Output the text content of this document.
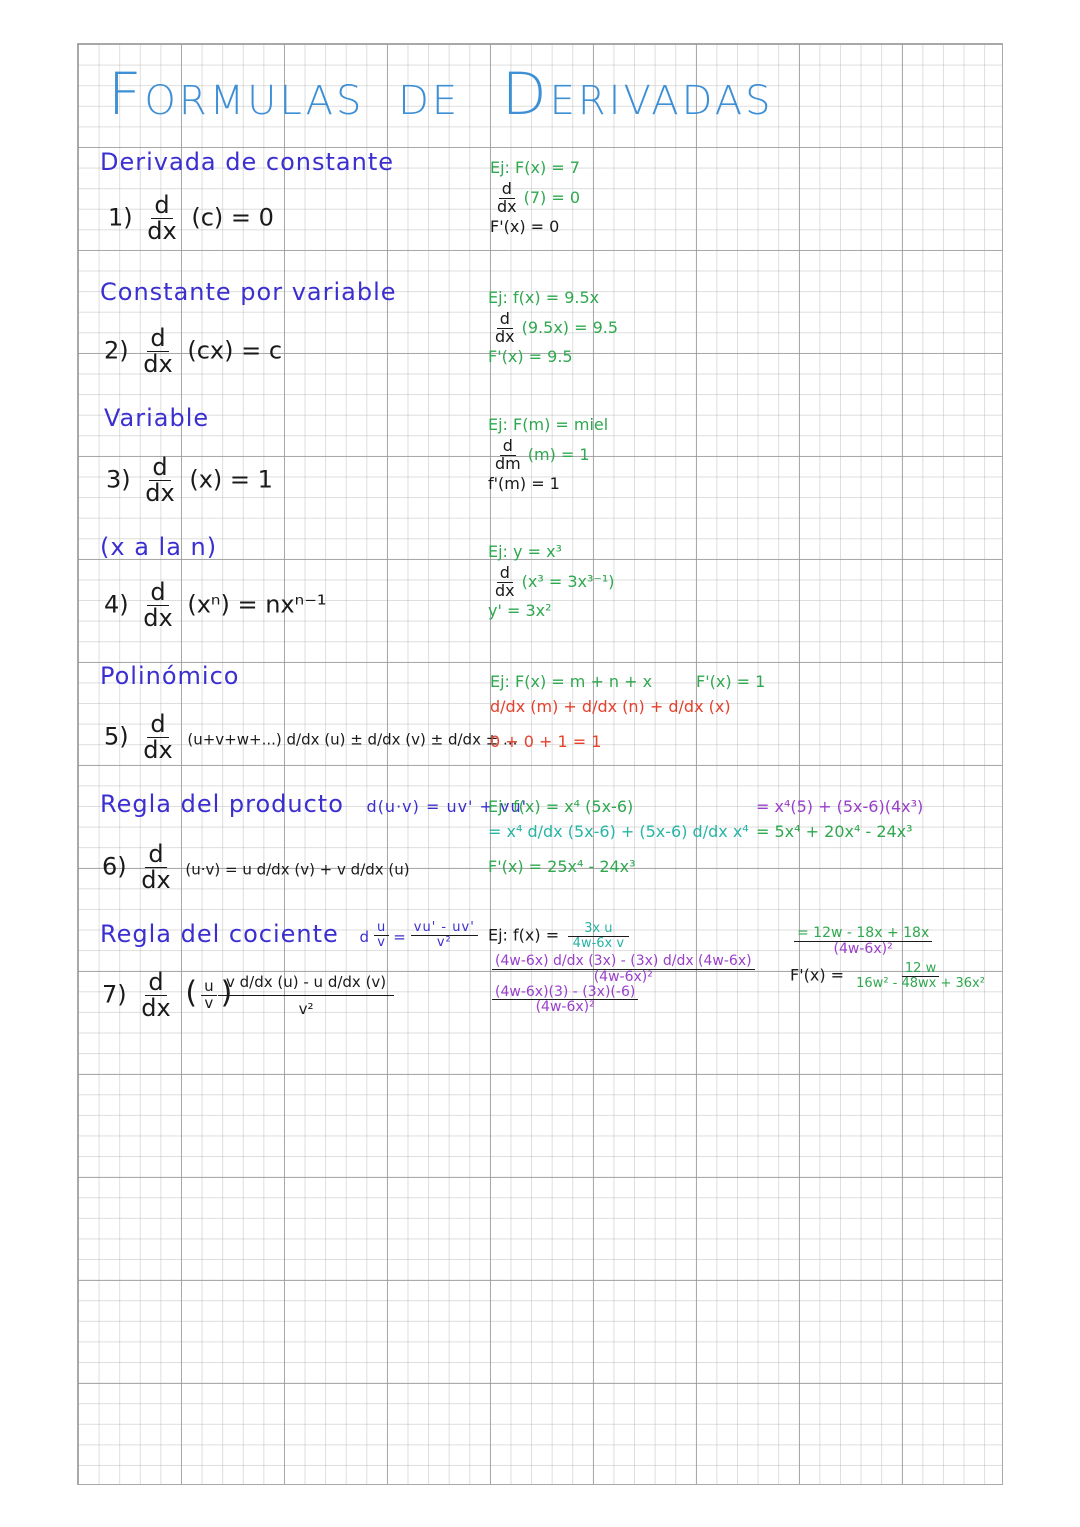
FORMULAS DE DERIVADAS
Derivada de constante
$1) \frac{d}{dx} (c) = 0$
Ej: F(x) = 7
$\frac{d}{dx} (7) = 0$
F'(x) = 0
Constante por variable
$2) \frac{d}{dx} (cx) = c$
Ej: f(x) = 9.5x
$\frac{d}{dx} (9.5x) = 9.5$
F'(x) = 9.5
Variable
$3) \frac{d}{dx} (x) = 1$
Ej: F(m) = miel
$\frac{d}{dm} (m) = 1$
f'(m) = 1
(x a la n)
$4) \frac{d}{dx} (x^n) = nx^{n-1}$
Ej: y = x³
$\frac{d}{dx} (x^3 = 3x^{3-1})$
y' = 3x²
Polinómico
$5) \frac{d}{dx} (u+v+w+...)$ d/dx (u) ± d/dx (v) ± d/dx ± ...
Ej: F(x) = m + n + x
d/dx (m) + d/dx (n) + d/dx (x)
0 + 0 + 1 = 1
F'(x) = 1
Regla del producto d(u·v) = uv' + vu'
$6) \frac{d}{dx} (u\cdot v) = u$ d/dx (v) + v d/dx (u)
Ej: f(x) = x⁴ (5x-6)
= x⁴ d/dx (5x-6) + (5x-6) d/dx x⁴
F'(x) = 25x⁴ - 24x³
= x⁴(5) + (5x-6)(4x³)
= 5x⁴ + 20x⁴ - 24x³
Regla del cociente d $\frac{u}{v} = \frac{vu' - uv'}{\text{v²}}$
$7) \frac{d}{dx}$ ( $\frac{u}{v}$ )
$\frac{\text{v d/dx (u) - u d/dx (v)}}{\text{v²}}$
Ej: $f(x) = \frac{\text{3x u}}{\text{4w-6x v}}$
$\frac{(4w-6x) d/dx (3x) - (3x) d/dx (4w-6x)}{\text{(4w-6x)²}}$
$\frac{(4w-6x)(3) - (3x)(-6)}{\text{(4w-6x)²}}$
$\frac{= 12w - 18x + 18x}{\text{(4w-6x)²}}$
$F'(x) = \frac{12 w}{\text{16w² - 48wx + 36x²}}$
